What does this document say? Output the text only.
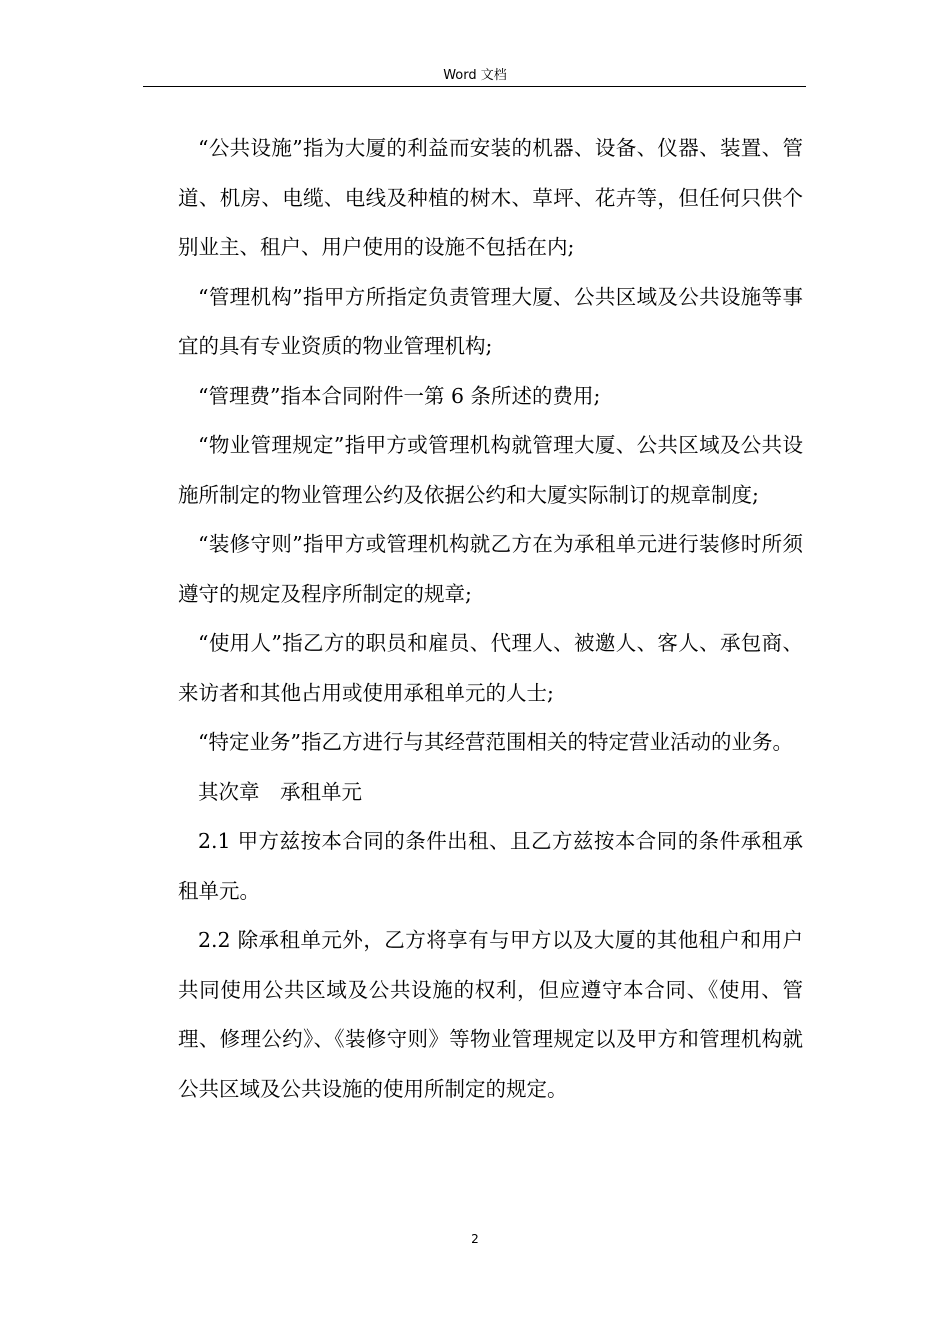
Word 文档

“公共设施”指为大厦的利益而安装的机器、设备、仪器、装置、管道、机房、电缆、电线及种植的树木、草坪、花卉等，但任何只供个别业主、租户、用户使用的设施不包括在内;

“管理机构”指甲方所指定负责管理大厦、公共区域及公共设施等事宜的具有专业资质的物业管理机构;

“管理费”指本合同附件一第 6 条所述的费用;

“物业管理规定”指甲方或管理机构就管理大厦、公共区域及公共设施所制定的物业管理公约及依据公约和大厦实际制订的规章制度;

“装修守则”指甲方或管理机构就乙方在为承租单元进行装修时所须遵守的规定及程序所制定的规章;

“使用人”指乙方的职员和雇员、代理人、被邀人、客人、承包商、来访者和其他占用或使用承租单元的人士;

“特定业务”指乙方进行与其经营范围相关的特定营业活动的业务。

其次章　承租单元

2.1 甲方兹按本合同的条件出租、且乙方兹按本合同的条件承租承租单元。

2.2 除承租单元外，乙方将享有与甲方以及大厦的其他租户和用户共同使用公共区域及公共设施的权利，但应遵守本合同、《使用、管理、修理公约》、《装修守则》等物业管理规定以及甲方和管理机构就公共区域及公共设施的使用所制定的规定。

2
